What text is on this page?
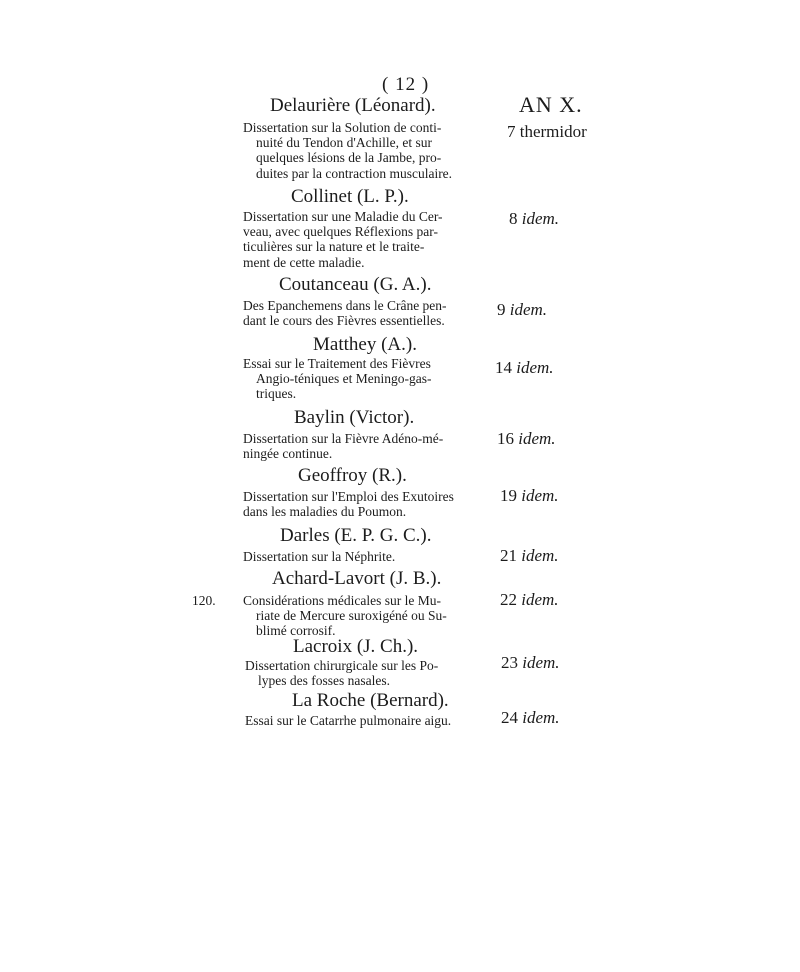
( 12 )
AN X.
Delaurière (Léonard).
Dissertation sur la Solution de conti-
nuité du Tendon d'Achille, et sur
quelques lésions de la Jambe, pro-
duites par la contraction musculaire.
7 thermidor
Collinet (L. P.).
Dissertation sur une Maladie du Cer-
veau, avec quelques Réflexions par-
ticulières sur la nature et le traite-
ment de cette maladie.
8 idem.
Coutanceau (G. A.).
Des Epanchemens dans le Crâne pen-
dant le cours des Fièvres essentielles.
9 idem.
Matthey (A.).
Essai sur le Traitement des Fièvres
Angio-téniques et Meningo-gas-
triques.
14 idem.
Baylin (Victor).
Dissertation sur la Fièvre Adéno-mé-
ningée continue.
16 idem.
Geoffroy (R.).
Dissertation sur l'Emploi des Exutoires
dans les maladies du Poumon.
19 idem.
Darles (E. P. G. C.).
Dissertation sur la Néphrite.	21 idem.
Achard-Lavort (J. B.).
120. Considérations médicales sur le Mu-
riate de Mercure suroxigéné ou Su-
blimé corrosif.
22 idem.
Lacroix (J. Ch.).
Dissertation chirurgicale sur les Po-
lypes des fosses nasales.
23 idem.
La Roche (Bernard).
Essai sur le Catarrhe pulmonaire aigu.	24 idem.
